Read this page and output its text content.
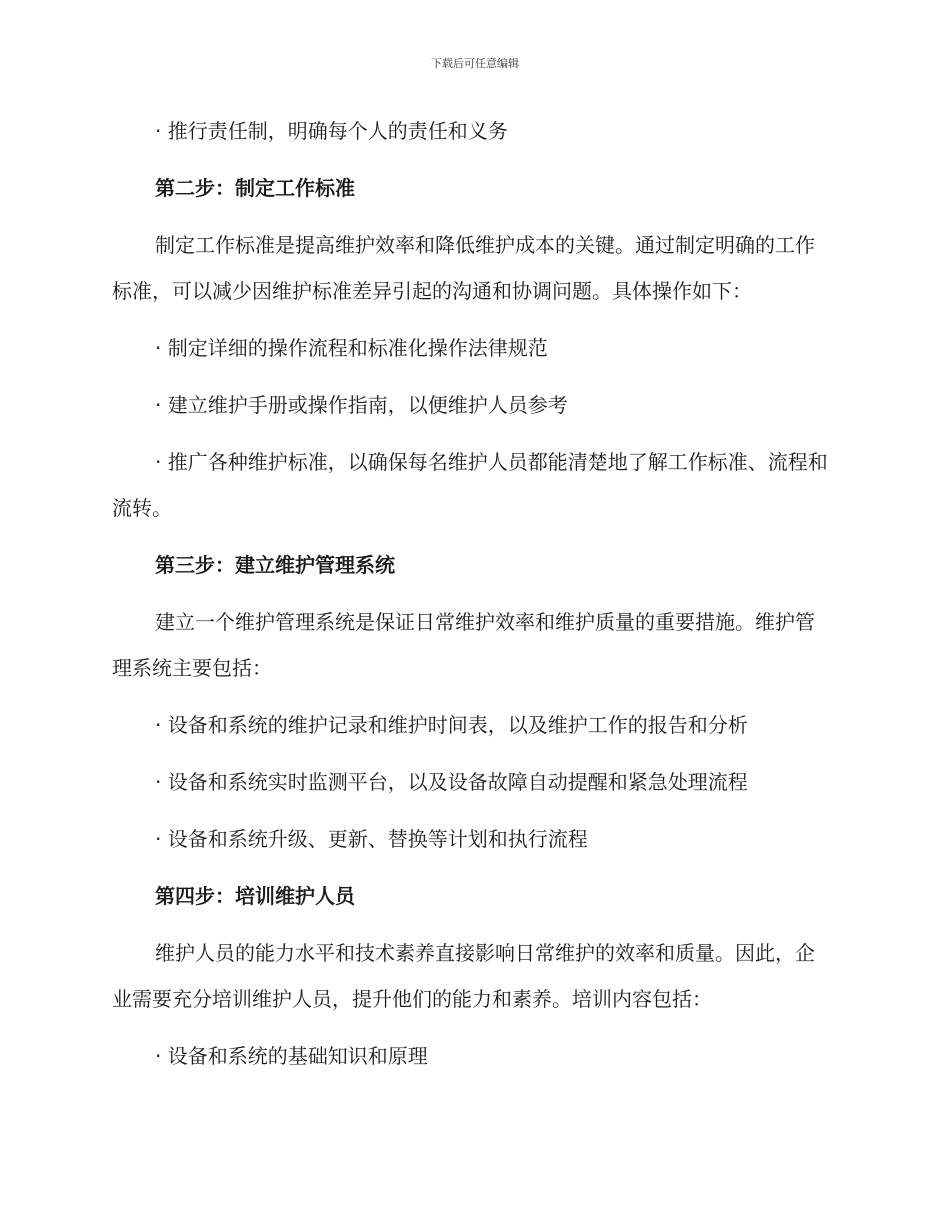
下载后可任意编辑

· 推行责任制，明确每个人的责任和义务

第二步：制定工作标准

制定工作标准是提高维护效率和降低维护成本的关键。通过制定明确的工作标准，可以减少因维护标准差异引起的沟通和协调问题。具体操作如下：

· 制定详细的操作流程和标准化操作法律规范

· 建立维护手册或操作指南，以便维护人员参考

· 推广各种维护标准，以确保每名维护人员都能清楚地了解工作标准、流程和流转。

第三步：建立维护管理系统

建立一个维护管理系统是保证日常维护效率和维护质量的重要措施。维护管理系统主要包括：

· 设备和系统的维护记录和维护时间表，以及维护工作的报告和分析

· 设备和系统实时监测平台，以及设备故障自动提醒和紧急处理流程

· 设备和系统升级、更新、替换等计划和执行流程

第四步：培训维护人员

维护人员的能力水平和技术素养直接影响日常维护的效率和质量。因此，企业需要充分培训维护人员，提升他们的能力和素养。培训内容包括：

· 设备和系统的基础知识和原理
